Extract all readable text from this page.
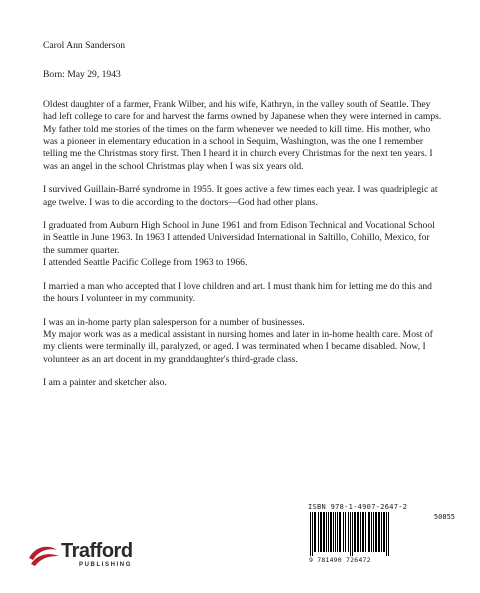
Carol Ann Sanderson

Born: May 29, 1943

Oldest daughter of a farmer, Frank Wilber, and his wife, Kathryn, in the valley south of Seattle. They had left college to care for and harvest the farms owned by Japanese when they were interned in camps. My father told me stories of the times on the farm whenever we needed to kill time. His mother, who was a pioneer in elementary education in a school in Sequim, Washington, was the one I remember telling me the Christmas story first. Then I heard it in church every Christmas for the next ten years. I was an angel in the school Christmas play when I was six years old.

I survived Guillain-Barré syndrome in 1955. It goes active a few times each year. I was quadriplegic at age twelve. I was to die according to the doctors—God had other plans.

I graduated from Auburn High School in June 1961 and from Edison Technical and Vocational School in Seattle in June 1963. In 1963 I attended Universidad International in Saltillo, Cohillo, Mexico, for the summer quarter.
I attended Seattle Pacific College from 1963 to 1966.

I married a man who accepted that I love children and art. I must thank him for letting me do this and the hours I volunteer in my community.

I was an in-home party plan salesperson for a number of businesses.
My major work was as a medical assistant in nursing homes and later in in-home health care. Most of my clients were terminally ill, paralyzed, or aged. I was terminated when I became disabled. Now, I volunteer as an art docent in my granddaughter's third-grade class.

I am a painter and sketcher also.

ISBN 978-1-4907-2647-2
50855
9 781490 726472
Trafford
PUBLISHING
